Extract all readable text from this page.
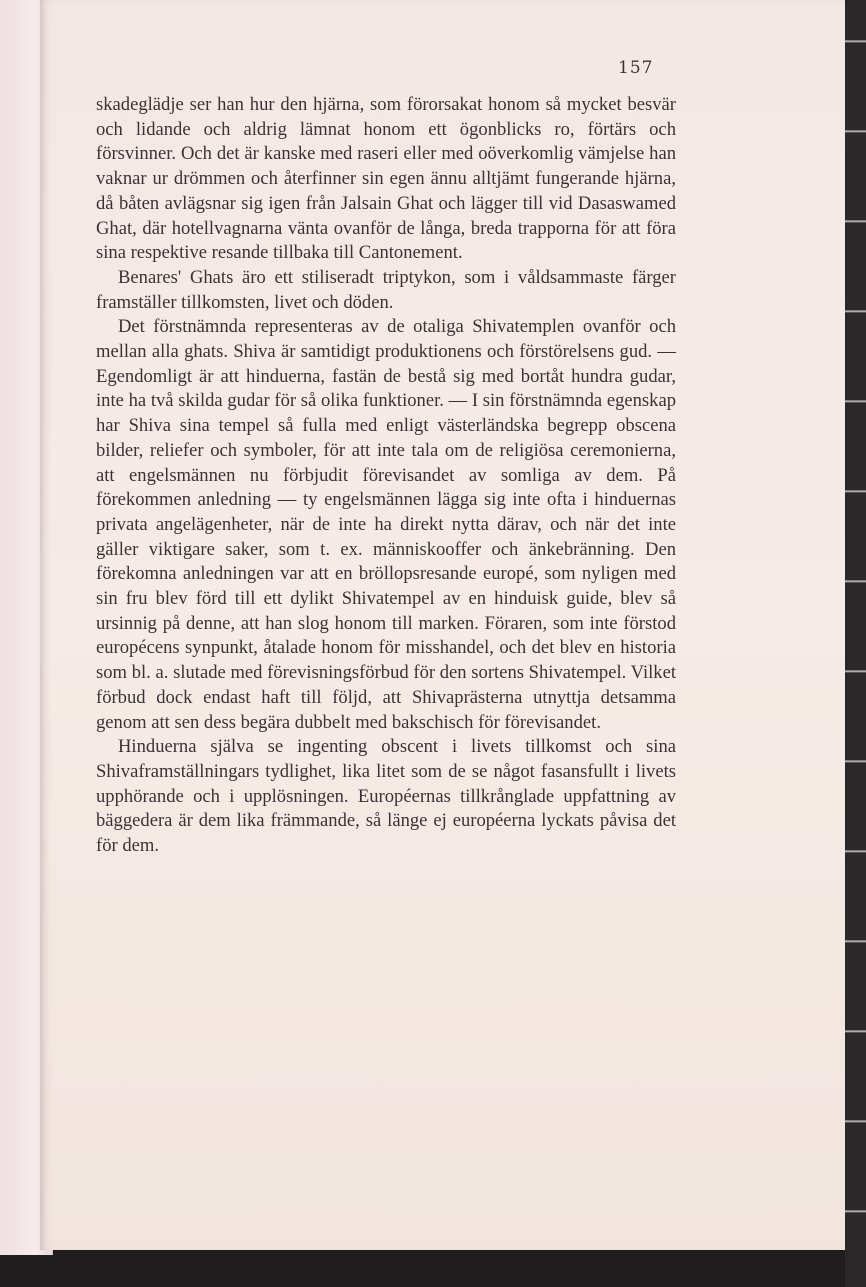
157

skadeglädje ser han hur den hjärna, som förorsakat honom så mycket besvär och lidande och aldrig lämnat honom ett ögonblicks ro, förtärs och försvinner. Och det är kanske med raseri eller med oöverkomlig vämjelse han vaknar ur drömmen och återfinner sin egen ännu alltjämt fungerande hjärna, då båten avlägsnar sig igen från Jalsain Ghat och lägger till vid Dasaswamed Ghat, där hotellvagnarna vänta ovanför de långa, breda trapporna för att föra sina respektive resande tillbaka till Cantonement.

Benares' Ghats äro ett stiliseradt triptykon, som i våldsammaste färger framställer tillkomsten, livet och döden.

Det förstnämnda representeras av de otaliga Shivatemplen ovanför och mellan alla ghats. Shiva är samtidigt produktionens och förstörelsens gud. — Egendomligt är att hinduerna, fastän de bestå sig med bortåt hundra gudar, inte ha två skilda gudar för så olika funktioner. — I sin förstnämnda egenskap har Shiva sina tempel så fulla med enligt västerländska begrepp obscena bilder, reliefer och symboler, för att inte tala om de religiösa ceremonierna, att engelsmännen nu förbjudit förevisandet av somliga av dem. På förekommen anledning — ty engelsmännen lägga sig inte ofta i hinduernas privata angelägenheter, när de inte ha direkt nytta därav, och när det inte gäller viktigare saker, som t. ex. människooffer och änkebränning. Den förekomna anledningen var att en bröllopsresande europé, som nyligen med sin fru blev förd till ett dylikt Shivatempel av en hinduisk guide, blev så ursinnig på denne, att han slog honom till marken. Föraren, som inte förstod europécens synpunkt, åtalade honom för misshandel, och det blev en historia som bl. a. slutade med förevisningsförbud för den sortens Shivatempel. Vilket förbud dock endast haft till följd, att Shivaprästerna utnyttja detsamma genom att sen dess begära dubbelt med bakschisch för förevisandet.

Hinduerna själva se ingenting obscent i livets tillkomst och sina Shivaframställningars tydlighet, lika litet som de se något fasansfullt i livets upphörande och i upplösningen. Européernas tillkrånglade uppfattning av bäggedera är dem lika främmande, så länge ej européerna lyckats påvisa det för dem.
